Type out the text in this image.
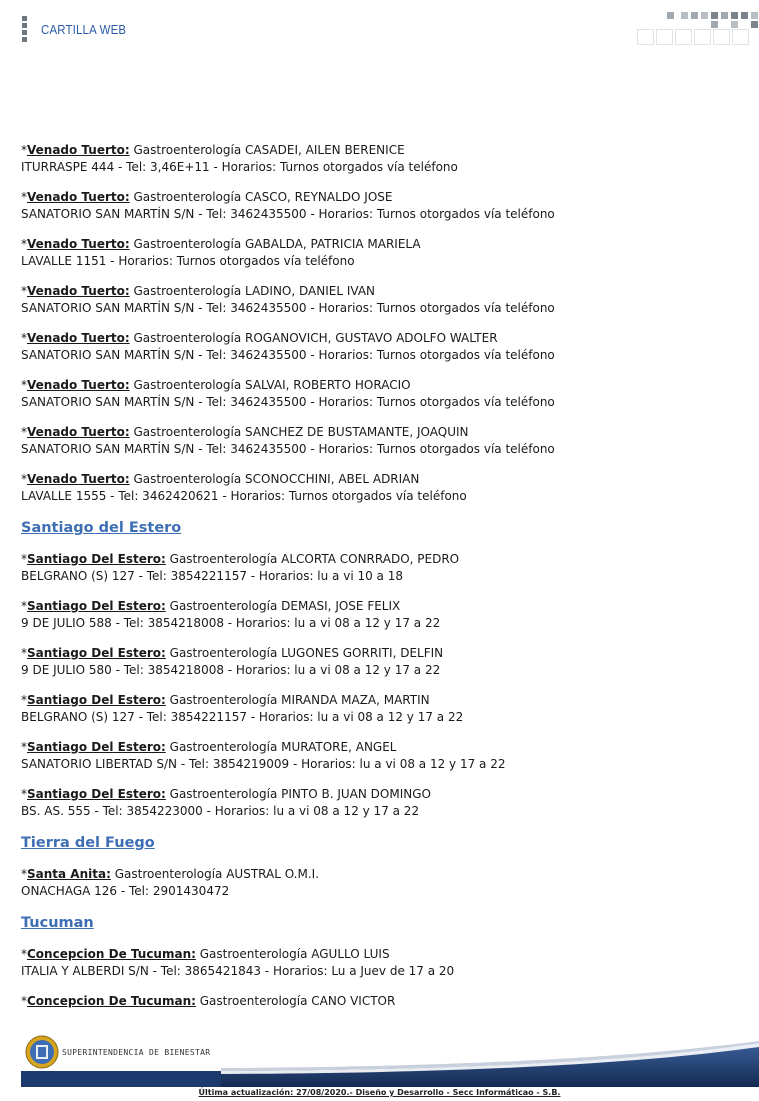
CARTILLA WEB
*Venado Tuerto: Gastroenterología CASADEI, AILEN BERENICE
ITURRASPE 444 - Tel: 3,46E+11 - Horarios: Turnos otorgados vía teléfono
*Venado Tuerto: Gastroenterología CASCO, REYNALDO JOSE
SANATORIO SAN MARTÍN S/N - Tel: 3462435500 - Horarios: Turnos otorgados vía teléfono
*Venado Tuerto: Gastroenterología GABALDA, PATRICIA MARIELA
LAVALLE 1151 - Horarios: Turnos otorgados vía teléfono
*Venado Tuerto: Gastroenterología LADINO, DANIEL IVAN
SANATORIO SAN MARTÍN S/N - Tel: 3462435500 - Horarios: Turnos otorgados vía teléfono
*Venado Tuerto: Gastroenterología ROGANOVICH, GUSTAVO ADOLFO WALTER
SANATORIO SAN MARTÍN S/N - Tel: 3462435500 - Horarios: Turnos otorgados vía teléfono
*Venado Tuerto: Gastroenterología SALVAI, ROBERTO HORACIO
SANATORIO SAN MARTÍN S/N - Tel: 3462435500 - Horarios: Turnos otorgados vía teléfono
*Venado Tuerto: Gastroenterología SANCHEZ DE BUSTAMANTE, JOAQUIN
SANATORIO SAN MARTÍN S/N - Tel: 3462435500 - Horarios: Turnos otorgados vía teléfono
*Venado Tuerto: Gastroenterología SCONOCCHINI, ABEL ADRIAN
LAVALLE 1555 - Tel: 3462420621 - Horarios: Turnos otorgados vía teléfono
Santiago del Estero
*Santiago Del Estero: Gastroenterología ALCORTA CONRRADO, PEDRO
BELGRANO (S) 127 - Tel: 3854221157 - Horarios: lu a vi 10 a 18
*Santiago Del Estero: Gastroenterología DEMASI, JOSE FELIX
9 DE JULIO 588 - Tel: 3854218008 - Horarios: lu a vi 08 a 12 y 17 a 22
*Santiago Del Estero: Gastroenterología LUGONES GORRITI, DELFIN
9 DE JULIO 580 - Tel: 3854218008 - Horarios: lu a vi 08 a 12 y 17 a 22
*Santiago Del Estero: Gastroenterología MIRANDA MAZA, MARTIN
BELGRANO (S) 127 - Tel: 3854221157 - Horarios: lu a vi 08 a 12 y 17 a 22
*Santiago Del Estero: Gastroenterología MURATORE, ANGEL
SANATORIO LIBERTAD S/N - Tel: 3854219009 - Horarios: lu a vi 08 a 12 y 17 a 22
*Santiago Del Estero: Gastroenterología PINTO B. JUAN DOMINGO
BS. AS. 555 - Tel: 3854223000 - Horarios: lu a vi 08 a 12 y 17 a 22
Tierra del Fuego
*Santa Anita: Gastroenterología AUSTRAL O.M.I.
ONACHAGA 126 - Tel: 2901430472
Tucuman
*Concepcion De Tucuman: Gastroenterología AGULLO LUIS
ITALIA Y ALBERDI S/N - Tel: 3865421843 - Horarios: Lu a Juev de 17 a 20
*Concepcion De Tucuman: Gastroenterología CANO VICTOR
SUPERINTENDENCIA DE BIENESTAR
Última actualización: 27/08/2020.- Diseño y Desarrollo - Secc Informáticao - S.B.
